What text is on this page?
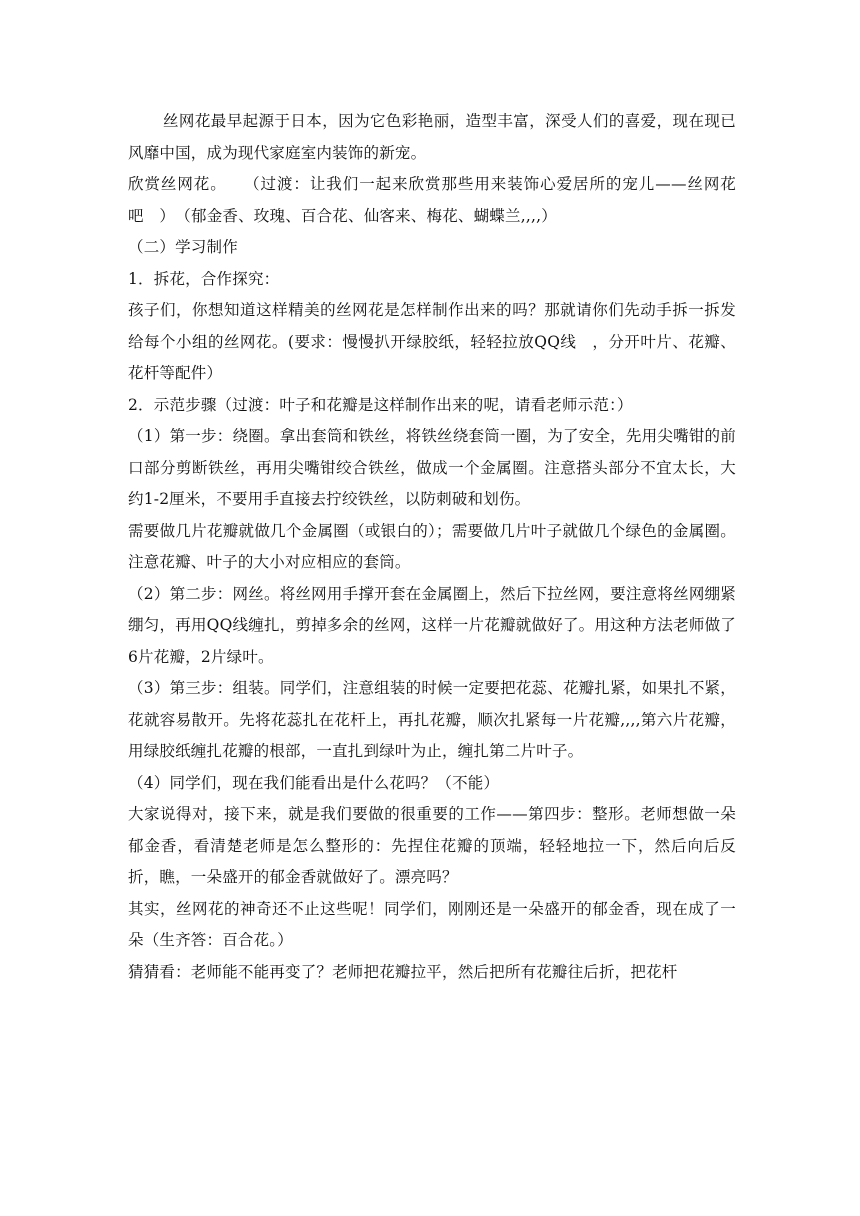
丝网花最早起源于日本，因为它色彩艳丽，造型丰富，深受人们的喜爱，现在现已风靡中国，成为现代家庭室内装饰的新宠。

欣赏丝网花。　　（过渡：让我们一起来欣赏那些用来装饰心爱居所的宠儿——丝网花吧　）　（郁金香、玫瑰、百合花、仙客来、梅花、蝴蝶兰,,,,）

（二）学习制作

1．拆花，合作探究：

孩子们，你想知道这样精美的丝网花是怎样制作出来的吗？那就请你们先动手拆一拆发给每个小组的丝网花。(要求：慢慢扒开绿胶纸，轻轻拉放QQ线　，分开叶片、花瓣、花杆等配件）

2．示范步骤（过渡：叶子和花瓣是这样制作出来的呢，请看老师示范：）

（1）第一步：绕圈。拿出套筒和铁丝，将铁丝绕套筒一圈，为了安全，先用尖嘴钳的前口部分剪断铁丝，再用尖嘴钳绞合铁丝，做成一个金属圈。注意搭头部分不宜太长，大约1-2厘米，不要用手直接去拧绞铁丝，以防刺破和划伤。

需要做几片花瓣就做几个金属圈（或银白的）；需要做几片叶子就做几个绿色的金属圈。注意花瓣、叶子的大小对应相应的套筒。

（2）第二步：网丝。将丝网用手撑开套在金属圈上，然后下拉丝网，要注意将丝网绷紧绷匀，再用QQ线缠扎，剪掉多余的丝网，这样一片花瓣就做好了。用这种方法老师做了6片花瓣，2片绿叶。

（3）第三步：组装。同学们，注意组装的时候一定要把花蕊、花瓣扎紧，如果扎不紧，花就容易散开。先将花蕊扎在花杆上，再扎花瓣，顺次扎紧每一片花瓣,,,,第六片花瓣，用绿胶纸缠扎花瓣的根部，一直扎到绿叶为止，缠扎第二片叶子。

（4）同学们，现在我们能看出是什么花吗？（不能）

大家说得对，接下来，就是我们要做的很重要的工作——第四步：整形。老师想做一朵郁金香，看清楚老师是怎么整形的：先捏住花瓣的顶端，轻轻地拉一下，然后向后反折，瞧，一朵盛开的郁金香就做好了。漂亮吗？

其实，丝网花的神奇还不止这些呢！同学们，刚刚还是一朵盛开的郁金香，现在成了一朵（生齐答：百合花。）

猜猜看：老师能不能再变了？老师把花瓣拉平，然后把所有花瓣往后折，把花杆
